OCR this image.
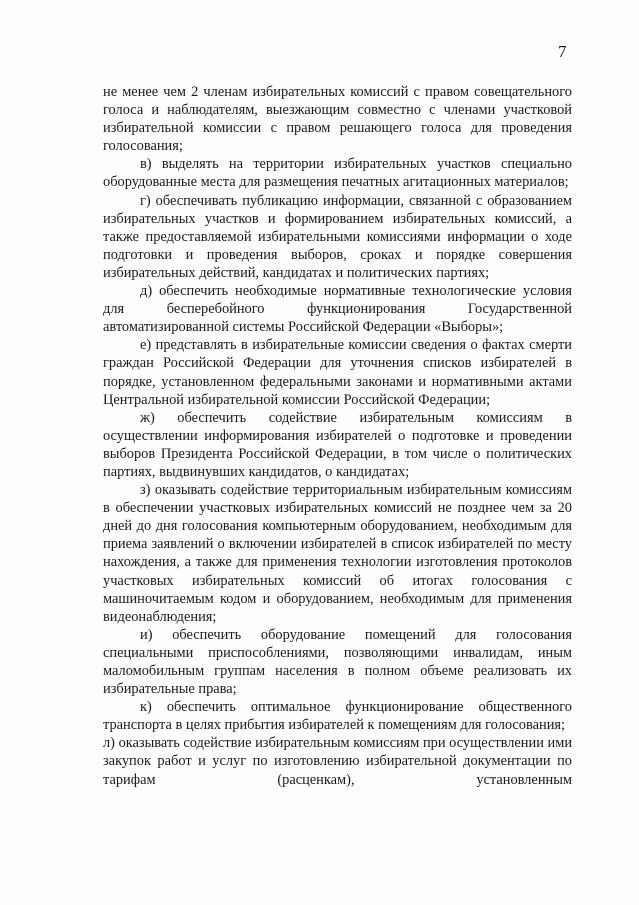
7

не менее чем 2 членам избирательных комиссий с правом совещательного голоса и наблюдателям, выезжающим совместно с членами участковой избирательной комиссии с правом решающего голоса для проведения голосования;

в) выделять на территории избирательных участков специально оборудованные места для размещения печатных агитационных материалов;

г) обеспечивать публикацию информации, связанной с образованием избирательных участков и формированием избирательных комиссий, а также предоставляемой избирательными комиссиями информации о ходе подготовки и проведения выборов, сроках и порядке совершения избирательных действий, кандидатах и политических партиях;

д) обеспечить необходимые нормативные технологические условия для бесперебойного функционирования Государственной автоматизированной системы Российской Федерации «Выборы»;

е) представлять в избирательные комиссии сведения о фактах смерти граждан Российской Федерации для уточнения списков избирателей в порядке, установленном федеральными законами и нормативными актами Центральной избирательной комиссии Российской Федерации;

ж) обеспечить содействие избирательным комиссиям в осуществлении информирования избирателей о подготовке и проведении выборов Президента Российской Федерации, в том числе о политических партиях, выдвинувших кандидатов, о кандидатах;

з) оказывать содействие территориальным избирательным комиссиям в обеспечении участковых избирательных комиссий не позднее чем за 20 дней до дня голосования компьютерным оборудованием, необходимым для приема заявлений о включении избирателей в список избирателей по месту нахождения, а также для применения технологии изготовления протоколов участковых избирательных комиссий об итогах голосования с машиночитаемым кодом и оборудованием, необходимым для применения видеонаблюдения;

и) обеспечить оборудование помещений для голосования специальными приспособлениями, позволяющими инвалидам, иным маломобильным группам населения в полном объеме реализовать их избирательные права;

к) обеспечить оптимальное функционирование общественного транспорта в целях прибытия избирателей к помещениям для голосования;

л) оказывать содействие избирательным комиссиям при осуществлении ими закупок работ и услуг по изготовлению избирательной документации по тарифам (расценкам), установленным
